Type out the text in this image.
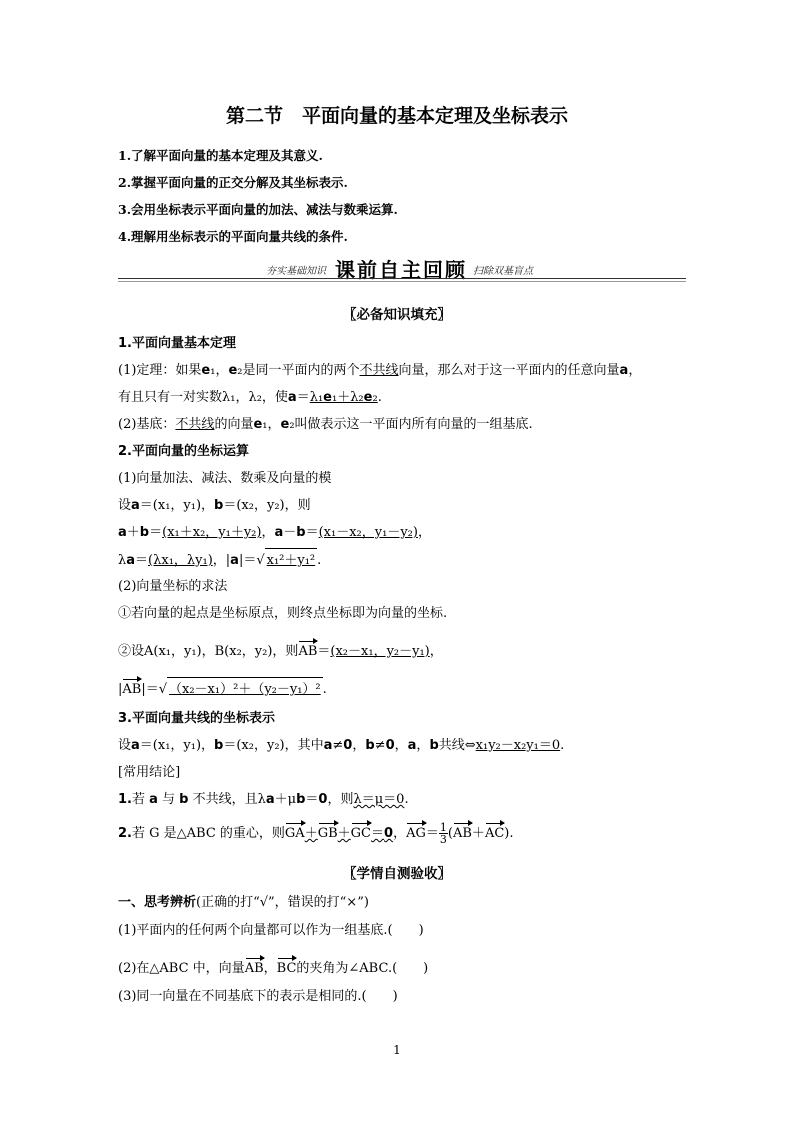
第二节　平面向量的基本定理及坐标表示
1.了解平面向量的基本定理及其意义.
2.掌握平面向量的正交分解及其坐标表示.
3.会用坐标表示平面向量的加法、减法与数乘运算.
4.理解用坐标表示的平面向量共线的条件.
夯实基础知识 课前自主回顾 扫除双基盲点
〖必备知识填充〗
1.平面向量基本定理
(1)定理：如果e₁，e₂是同一平面内的两个不共线向量，那么对于这一平面内的任意向量a，
有且只有一对实数λ₁，λ₂，使a＝λ₁e₁＋λ₂e₂.
(2)基底：不共线的向量e₁，e₂叫做表示这一平面内所有向量的一组基底.
2.平面向量的坐标运算
(1)向量加法、减法、数乘及向量的模
设a＝(x₁，y₁)，b＝(x₂，y₂)，则
a＋b＝(x₁＋x₂，y₁＋y₂)，a－b＝(x₁－x₂，y₁－y₂)，
λa＝(λx₁，λy₁)，|a|＝√ x₁²＋y₁² .
(2)向量坐标的求法
①若向量的起点是坐标原点，则终点坐标即为向量的坐标.
②设A(x₁，y₁)，B(x₂，y₂)，则AB＝(x₂－x₁，y₂－y₁)，
|AB|＝√ （x₂－x₁）²＋（y₂－y₁）² .
3.平面向量共线的坐标表示
设a＝(x₁，y₁)，b＝(x₂，y₂)，其中a≠0，b≠0，a，b共线⇔x₁y₂－x₂y₁＝0.
[常用结论]
1.若 a 与 b 不共线，且λa＋μb＝0，则λ＝μ＝0.
2.若 G 是△ABC 的重心，则GA＋GB＋GC＝0，$AG= \frac{1}{3} (AB+AC)$.
〖学情自测验收〗
一、思考辨析(正确的打“√”，错误的打“×”)
(1)平面内的任何两个向量都可以作为一组基底.(　　)
(2)在△ABC 中，向量AB，BC的夹角为∠ABC.(　　)
(3)同一向量在不同基底下的表示是相同的.(　　)
1
